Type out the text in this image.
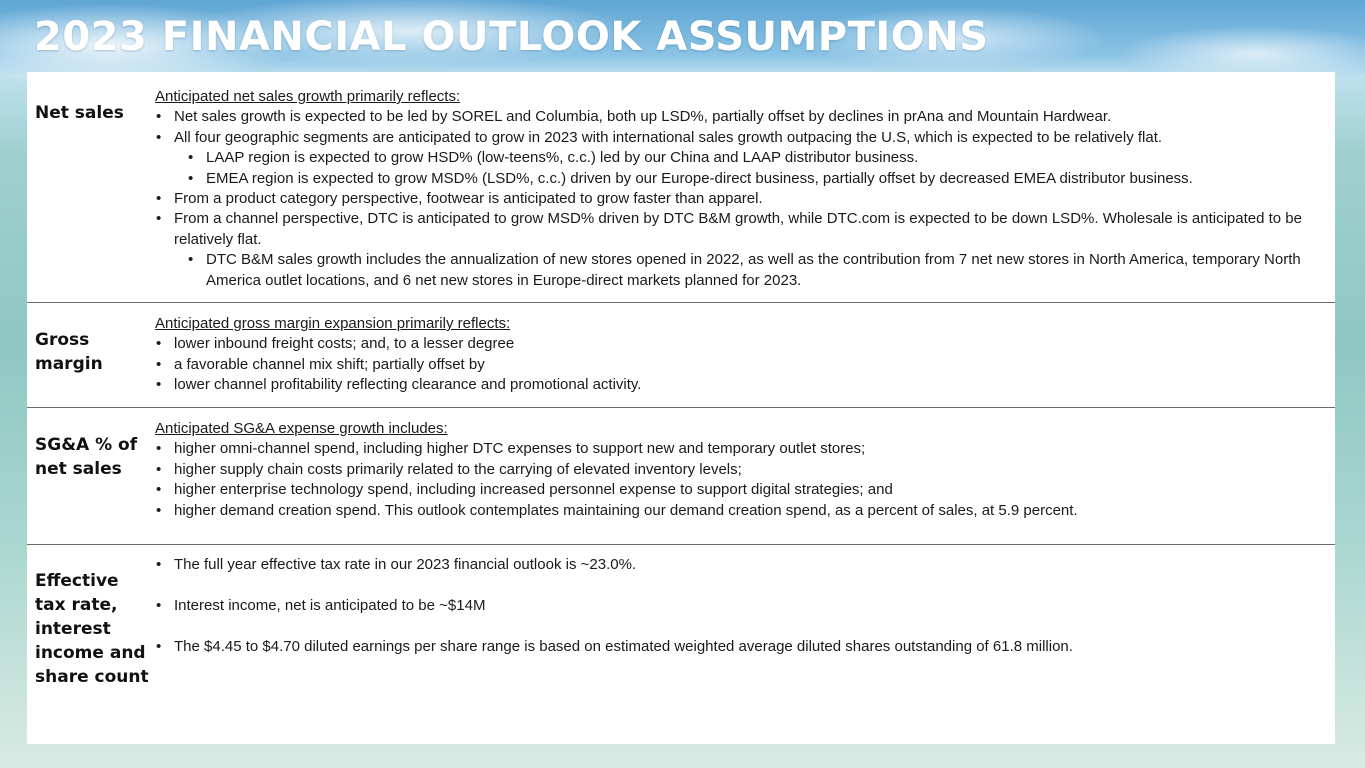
2023 FINANCIAL OUTLOOK ASSUMPTIONS
Net sales

Anticipated net sales growth primarily reflects:

• Net sales growth is expected to be led by SOREL and Columbia, both up LSD%, partially offset by declines in prAna and Mountain Hardwear.
• All four geographic segments are anticipated to grow in 2023 with international sales growth outpacing the U.S, which is expected to be relatively flat.
• LAAP region is expected to grow HSD% (low-teens%, c.c.) led by our China and LAAP distributor business.
• EMEA region is expected to grow MSD% (LSD%, c.c.) driven by our Europe-direct business, partially offset by decreased EMEA distributor business.
• From a product category perspective, footwear is anticipated to grow faster than apparel.
• From a channel perspective, DTC is anticipated to grow MSD% driven by DTC B&M growth, while DTC.com is expected to be down LSD%. Wholesale is anticipated to be relatively flat.
• DTC B&M sales growth includes the annualization of new stores opened in 2022, as well as the contribution from 7 net new stores in North America, temporary North America outlet locations, and 6 net new stores in Europe-direct markets planned for 2023.
Gross margin

Anticipated gross margin expansion primarily reflects:

• lower inbound freight costs; and, to a lesser degree
• a favorable channel mix shift; partially offset by
• lower channel profitability reflecting clearance and promotional activity.
SG&A % of net sales

Anticipated SG&A expense growth includes:

• higher omni-channel spend, including higher DTC expenses to support new and temporary outlet stores;
• higher supply chain costs primarily related to the carrying of elevated inventory levels;
• higher enterprise technology spend, including increased personnel expense to support digital strategies; and
• higher demand creation spend. This outlook contemplates maintaining our demand creation spend, as a percent of sales, at 5.9 percent.
Effective tax rate, interest income and share count
• The full year effective tax rate in our 2023 financial outlook is ~23.0%.
• Interest income, net is anticipated to be ~$14M
• The $4.45 to $4.70 diluted earnings per share range is based on estimated weighted average diluted shares outstanding of 61.8 million.
